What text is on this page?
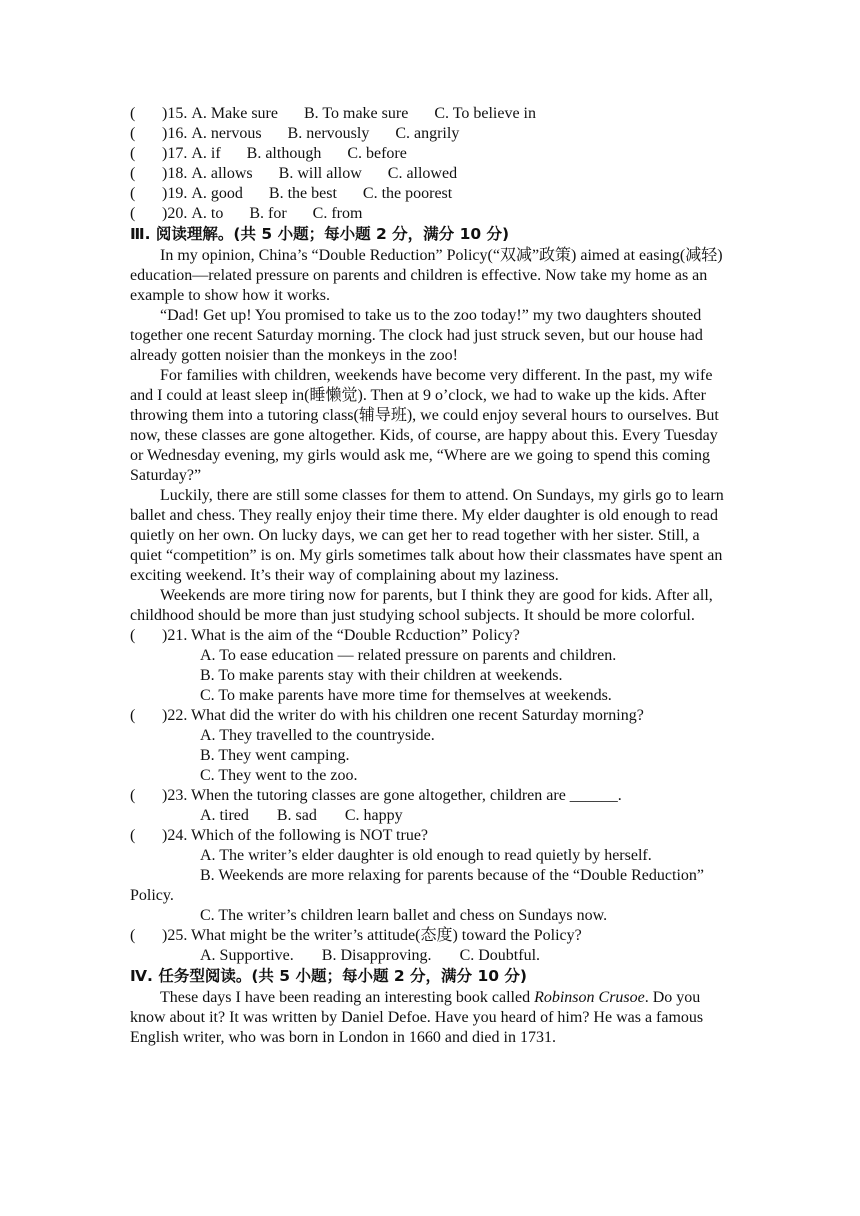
(	)15.
A. Make sure B. To make sure C. To believe in
(	)16.
A. nervous B. nervously C. angrily
(	)17.
A. if B. although C. before
(	)18.
A. allows B. will allow C. allowed
(	)19.
A. good B. the best C. the poorest
(	)20.
A. to B. for C. from
Ⅲ. 阅读理解。(共 5 小题；每小题 2 分，满分 10 分)

In my opinion, China’s “Double Reduction” Policy(“双减”政策) aimed at easing(减轻) education—related pressure on parents and children is effective. Now take my home as an example to show how it works.

“Dad! Get up! You promised to take us to the zoo today!” my two daughters shouted together one recent Saturday morning. The clock had just struck seven, but our house had already gotten noisier than the monkeys in the zoo!

For families with children, weekends have become very different. In the past, my wife and I could at least sleep in(睡懒觉). Then at 9 o’clock, we had to wake up the kids. After throwing them into a tutoring class(辅导班), we could enjoy several hours to ourselves. But now, these classes are gone altogether. Kids, of course, are happy about this. Every Tuesday or Wednesday evening, my girls would ask me, “Where are we going to spend this coming Saturday?”

Luckily, there are still some classes for them to attend. On Sundays, my girls go to learn ballet and chess. They really enjoy their time there. My elder daughter is old enough to read quietly on her own. On lucky days, we can get her to read together with her sister. Still, a quiet “competition” is on. My girls sometimes talk about how their classmates have spent an exciting weekend. It’s their way of complaining about my laziness.

Weekends are more tiring now for parents, but I think they are good for kids. After all, childhood should be more than just studying school subjects. It should be more colorful.

(	)21. What is the aim of the “Double Rcduction” Policy?
A. To ease education — related pressure on parents and children.
B. To make parents stay with their children at weekends.
C. To make parents have more time for themselves at weekends.
(	)22. What did the writer do with his children one recent Saturday morning?
A. They travelled to the countryside.
B. They went camping.
C. They went to the zoo.
(	)23. When the tutoring classes are gone altogether, children are ______.
A. tired B. sad C. happy
(	)24. Which of the following is NOT true?
A. The writer’s elder daughter is old enough to read quietly by herself.
B. Weekends are more relaxing for parents because of the “Double Reduction” Policy.
C. The writer’s children learn ballet and chess on Sundays now.
(	)25. What might be the writer’s attitude(态度) toward the Policy?
A. Supportive. B. Disapproving. C. Doubtful.
Ⅳ. 任务型阅读。(共 5 小题；每小题 2 分，满分 10 分)

These days I have been reading an interesting book called Robinson Crusoe. Do you know about it? It was written by Daniel Defoe. Have you heard of him? He was a famous English writer, who was born in London in 1660 and died in 1731.
